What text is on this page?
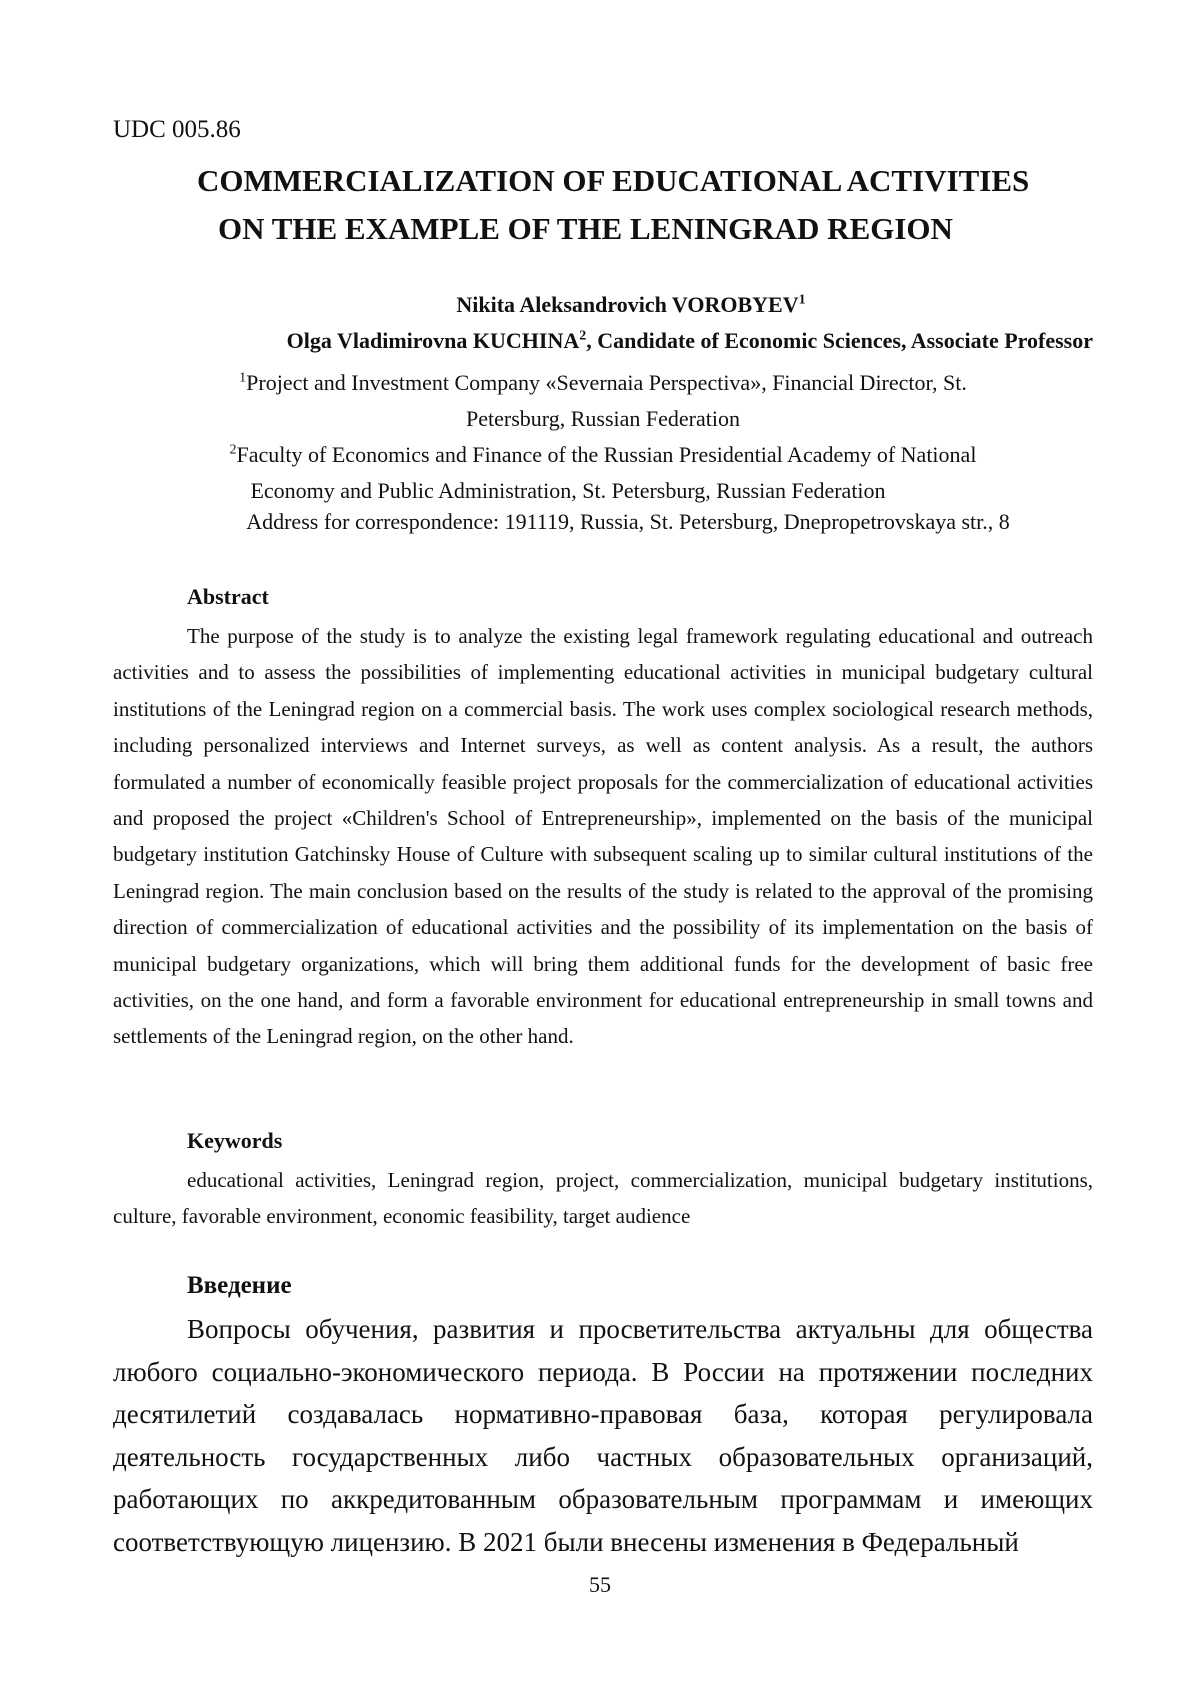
UDC 005.86
COMMERCIALIZATION OF EDUCATIONAL ACTIVITIES
ON THE EXAMPLE OF THE LENINGRAD REGION
Nikita Aleksandrovich VOROBYEV$^1$
Olga Vladimirovna KUCHINA$^2$, Candidate of Economic Sciences, Associate Professor
$^1$Project and Investment Company «Severnaia Perspectiva», Financial Director, St.
Petersburg, Russian Federation
$^2$Faculty of Economics and Finance of the Russian Presidential Academy of National
Economy and Public Administration, St. Petersburg, Russian Federation
Address for correspondence: 191119, Russia, St. Petersburg, Dnepropetrovskaya str., 8
Abstract

The purpose of the study is to analyze the existing legal framework regulating educational and outreach activities and to assess the possibilities of implementing educational activities in municipal budgetary cultural institutions of the Leningrad region on a commercial basis. The work uses complex sociological research methods, including personalized interviews and Internet surveys, as well as content analysis. As a result, the authors formulated a number of economically feasible project proposals for the commercialization of educational activities and proposed the project «Children's School of Entrepreneurship», implemented on the basis of the municipal budgetary institution Gatchinsky House of Culture with subsequent scaling up to similar cultural institutions of the Leningrad region. The main conclusion based on the results of the study is related to the approval of the promising direction of commercialization of educational activities and the possibility of its implementation on the basis of municipal budgetary organizations, which will bring them additional funds for the development of basic free activities, on the one hand, and form a favorable environment for educational entrepreneurship in small towns and settlements of the Leningrad region, on the other hand.

Keywords

educational activities, Leningrad region, project, commercialization, municipal budgetary institutions, culture, favorable environment, economic feasibility, target audience

Введение

Вопросы обучения, развития и просветительства актуальны для общества любого социально-экономического периода. В России на протяжении последних десятилетий создавалась нормативно-правовая база, которая регулировала деятельность государственных либо частных образовательных организаций, работающих по аккредитованным образовательным программам и имеющих соответствующую лицензию. В 2021 были внесены изменения в Федеральный

55
